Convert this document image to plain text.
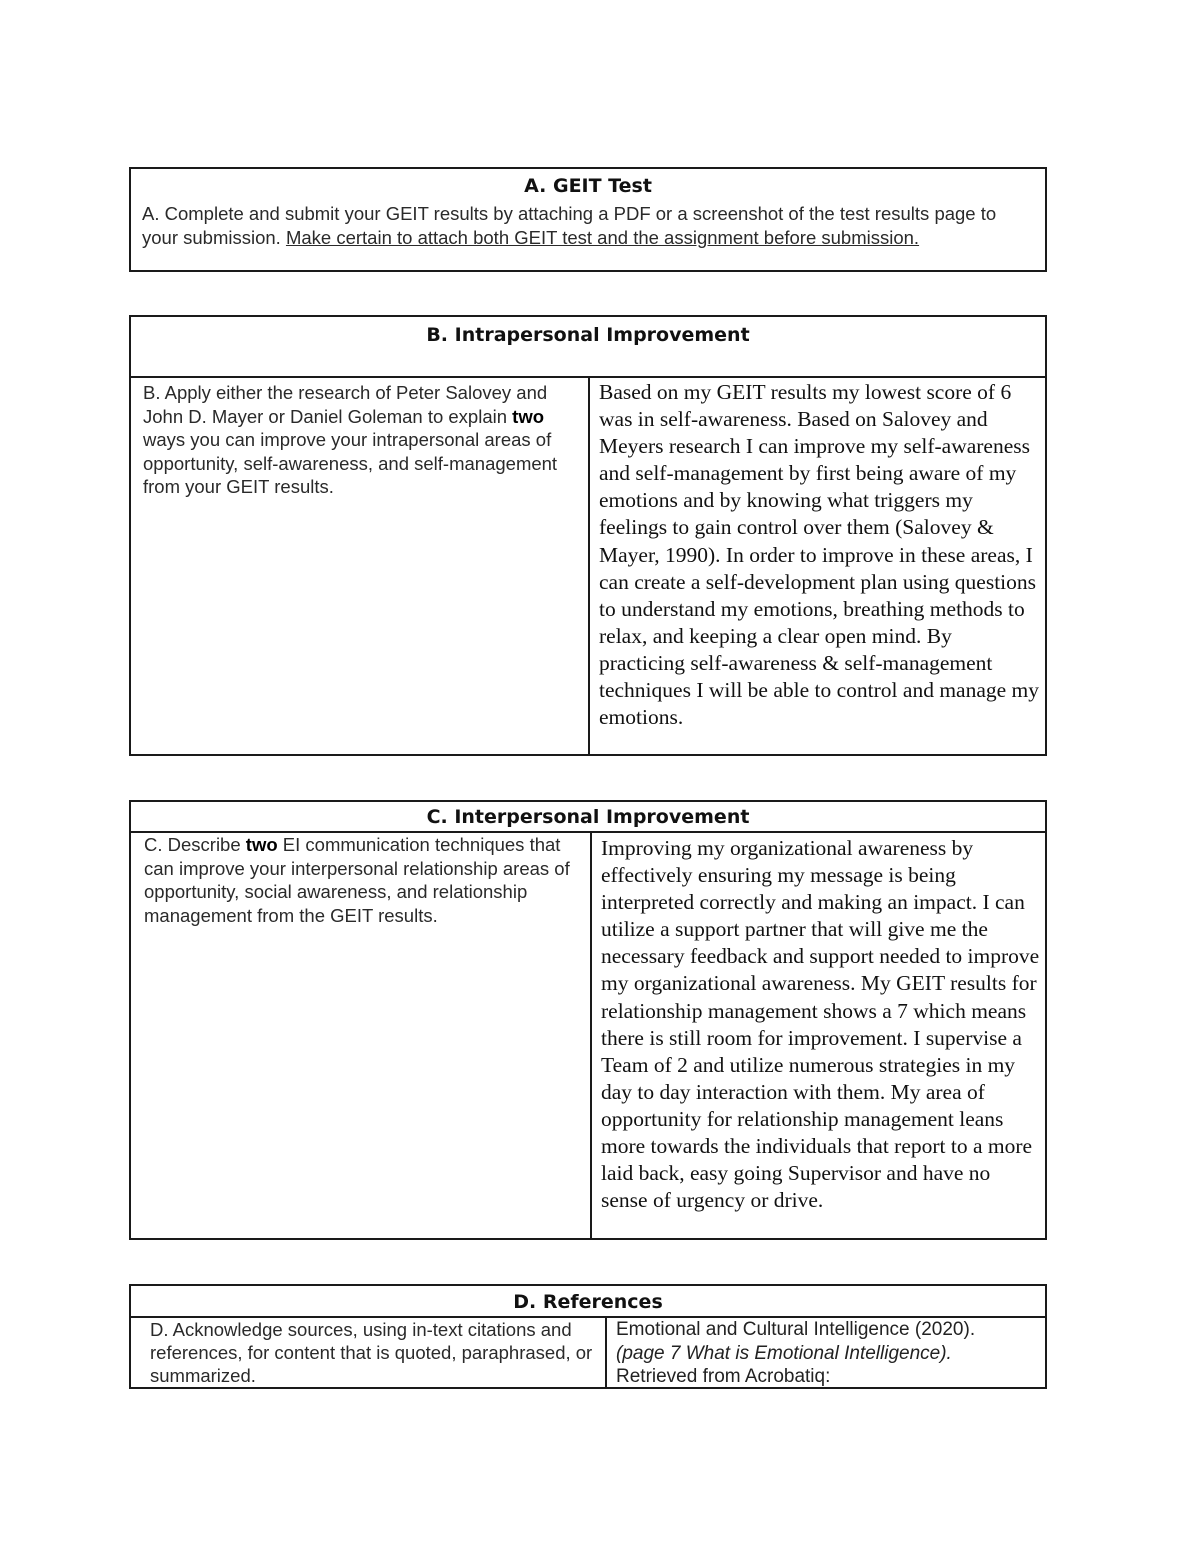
A. GEIT Test
A. Complete and submit your GEIT results by attaching a PDF or a screenshot of the test results page to your submission. Make certain to attach both GEIT test and the assignment before submission.
B. Intrapersonal Improvement
B. Apply either the research of Peter Salovey and John D. Mayer or Daniel Goleman to explain two ways you can improve your intrapersonal areas of opportunity, self-awareness, and self-management from your GEIT results.
Based on my GEIT results my lowest score of 6 was in self-awareness. Based on Salovey and Meyers research I can improve my self-awareness and self-management by first being aware of my emotions and by knowing what triggers my feelings to gain control over them (Salovey & Mayer, 1990). In order to improve in these areas, I can create a self-development plan using questions to understand my emotions, breathing methods to relax, and keeping a clear open mind. By practicing self-awareness & self-management techniques I will be able to control and manage my emotions.
C. Interpersonal Improvement
C. Describe two EI communication techniques that can improve your interpersonal relationship areas of opportunity, social awareness, and relationship management from the GEIT results.
Improving my organizational awareness by effectively ensuring my message is being interpreted correctly and making an impact. I can utilize a support partner that will give me the necessary feedback and support needed to improve my organizational awareness. My GEIT results for relationship management shows a 7 which means there is still room for improvement. I supervise a Team of 2 and utilize numerous strategies in my day to day interaction with them. My area of opportunity for relationship management leans more towards the individuals that report to a more laid back, easy going Supervisor and have no sense of urgency or drive.
D. References
D. Acknowledge sources, using in-text citations and references, for content that is quoted, paraphrased, or summarized.
Emotional and Cultural Intelligence (2020). (page 7 What is Emotional Intelligence). Retrieved from Acrobatiq:
